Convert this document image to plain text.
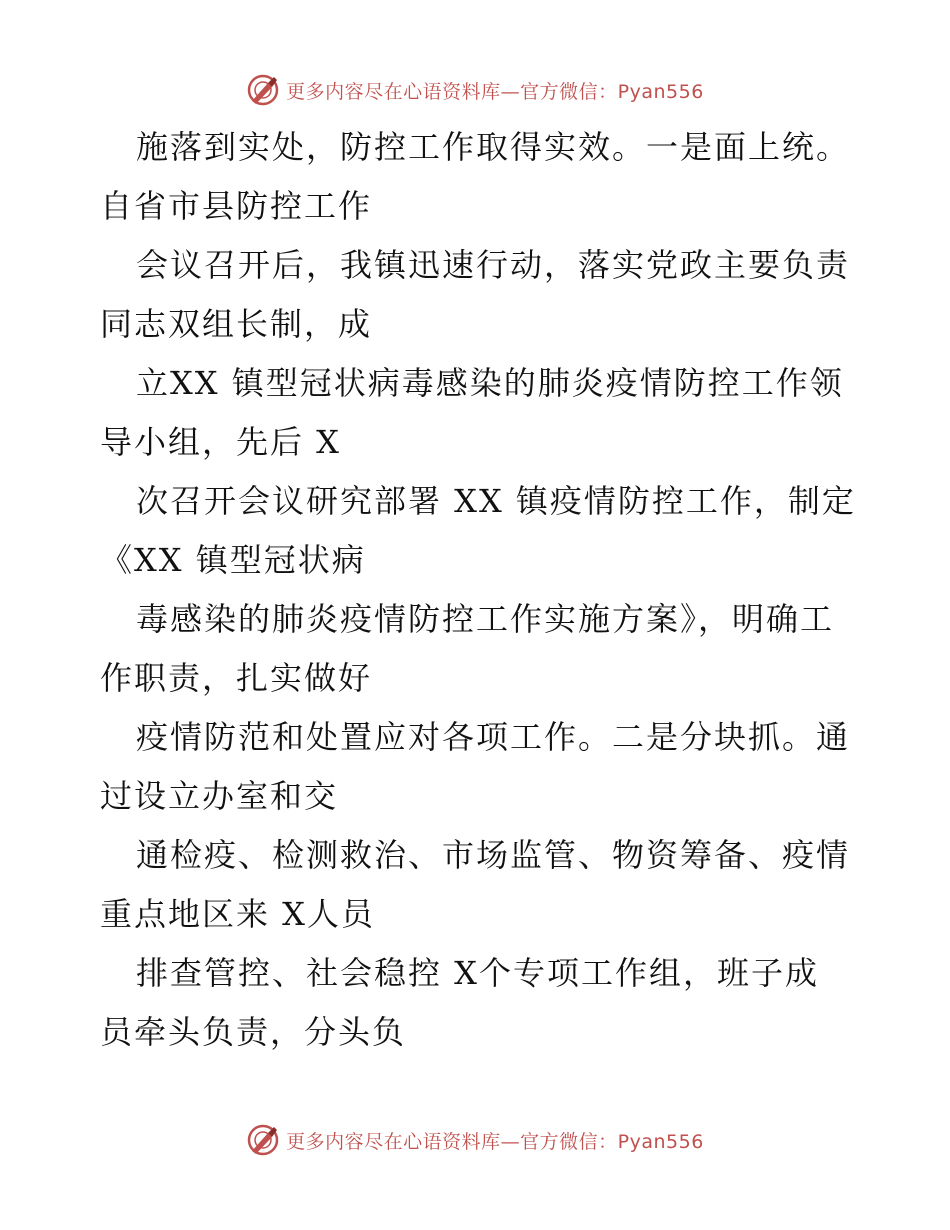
更多内容尽在心语资料库—官方微信：Pyan556
施落到实处，防控工作取得实效。一是面上统。
自省市县防控工作
会议召开后，我镇迅速行动，落实党政主要负责
同志双组长制，成
立XX 镇型冠状病毒感染的肺炎疫情防控工作领
导小组，先后 X
次召开会议研究部署 XX 镇疫情防控工作，制定
《XX 镇型冠状病
毒感染的肺炎疫情防控工作实施方案》，明确工
作职责，扎实做好
疫情防范和处置应对各项工作。二是分块抓。通
过设立办室和交
通检疫、检测救治、市场监管、物资筹备、疫情
重点地区来 X人员
排查管控、社会稳控 X个专项工作组，班子成
员牵头负责，分头负
更多内容尽在心语资料库—官方微信：Pyan556
